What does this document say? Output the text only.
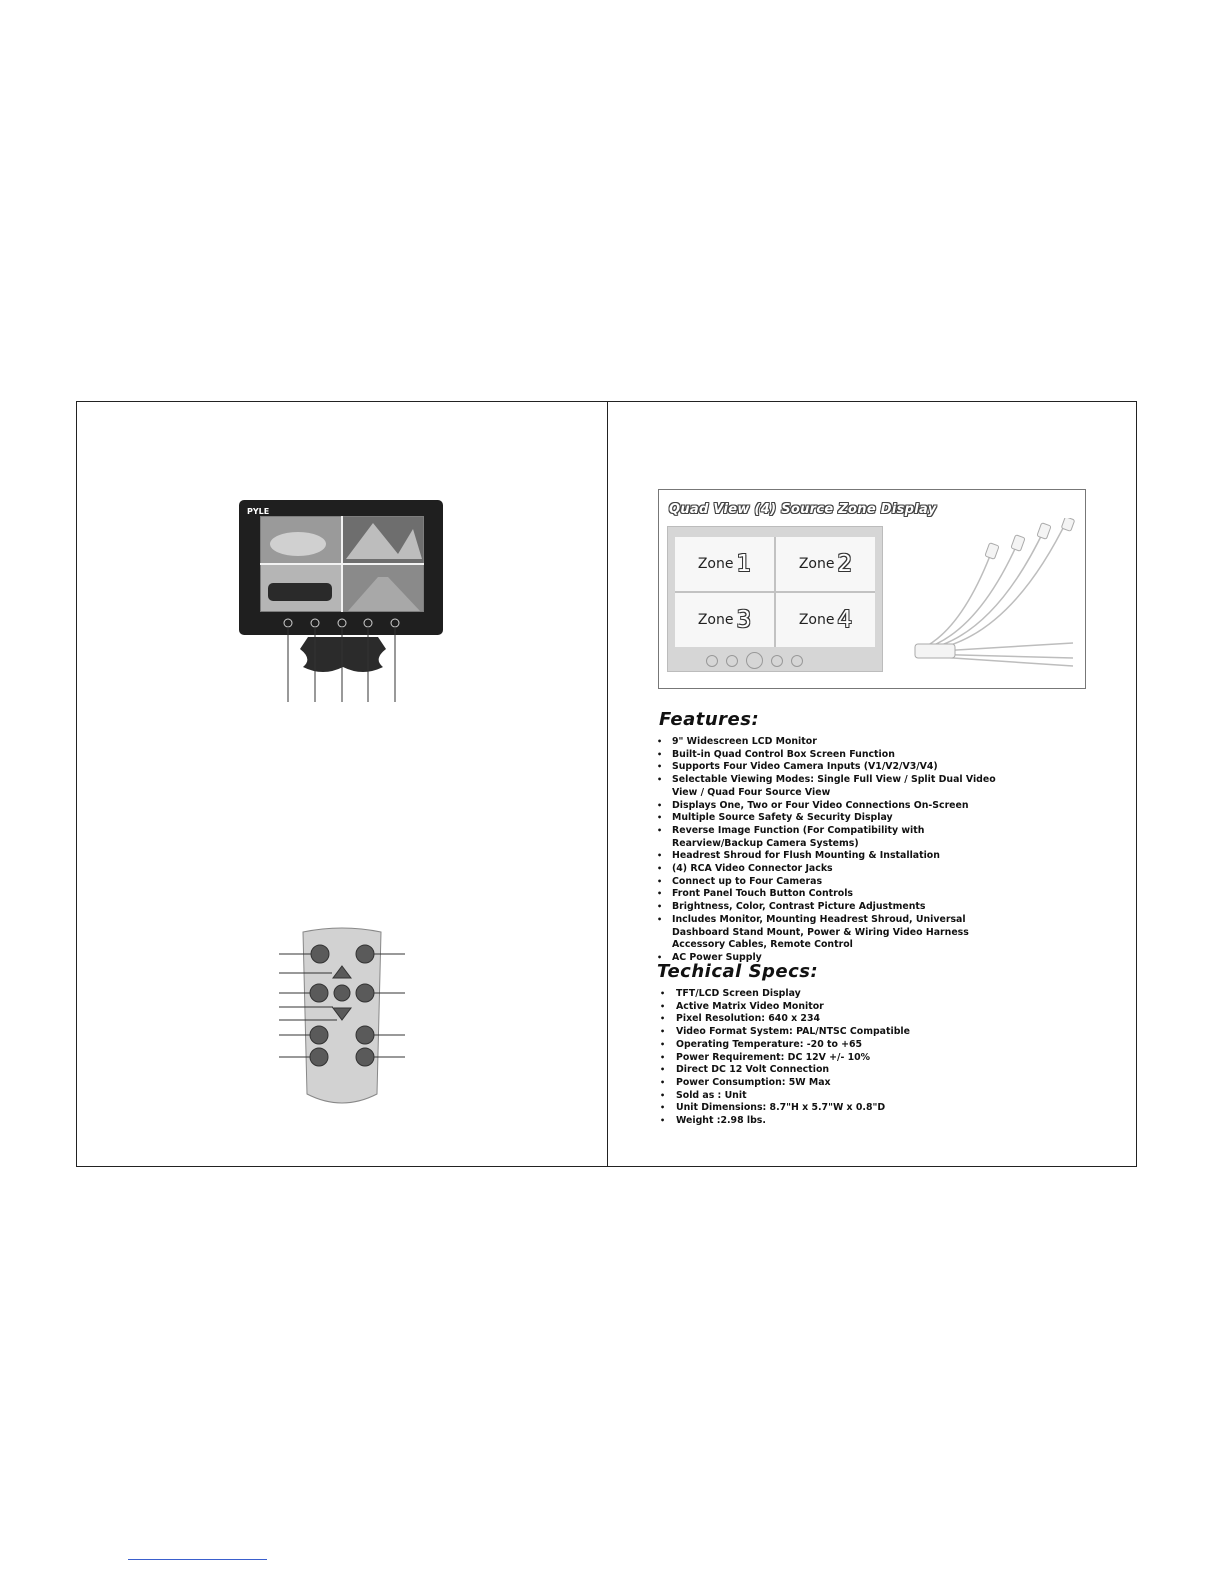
PYLE	Quad View (4) Source Zone Display
Zone 1	Zone 2
Zone 3	Zone 4
Features:
• 9" Widescreen LCD Monitor
• Built-in Quad Control Box Screen Function
• Supports Four Video Camera Inputs (V1/V2/V3/V4)
• Selectable Viewing Modes: Single Full View / Split Dual Video View / Quad Four Source View
• Displays One, Two or Four Video Connections On-Screen
• Multiple Source Safety & Security Display
• Reverse Image Function (For Compatibility with Rearview/Backup Camera Systems)
• Headrest Shroud for Flush Mounting & Installation
• (4) RCA Video Connector Jacks
• Connect up to Four Cameras
• Front Panel Touch Button Controls
• Brightness, Color, Contrast Picture Adjustments
• Includes Monitor, Mounting Headrest Shroud, Universal Dashboard Stand Mount, Power & Wiring Video Harness Accessory Cables, Remote Control
• AC Power Supply
Techical Specs:
• TFT/LCD Screen Display
• Active Matrix Video Monitor
• Pixel Resolution: 640 x 234
• Video Format System: PAL/NTSC Compatible
• Operating Temperature: -20 to +65
• Power Requirement: DC 12V +/- 10%
• Direct DC 12 Volt Connection
• Power Consumption: 5W Max
• Sold as : Unit
• Unit Dimensions: 8.7"H x 5.7"W x 0.8"D
• Weight :2.98 lbs.
